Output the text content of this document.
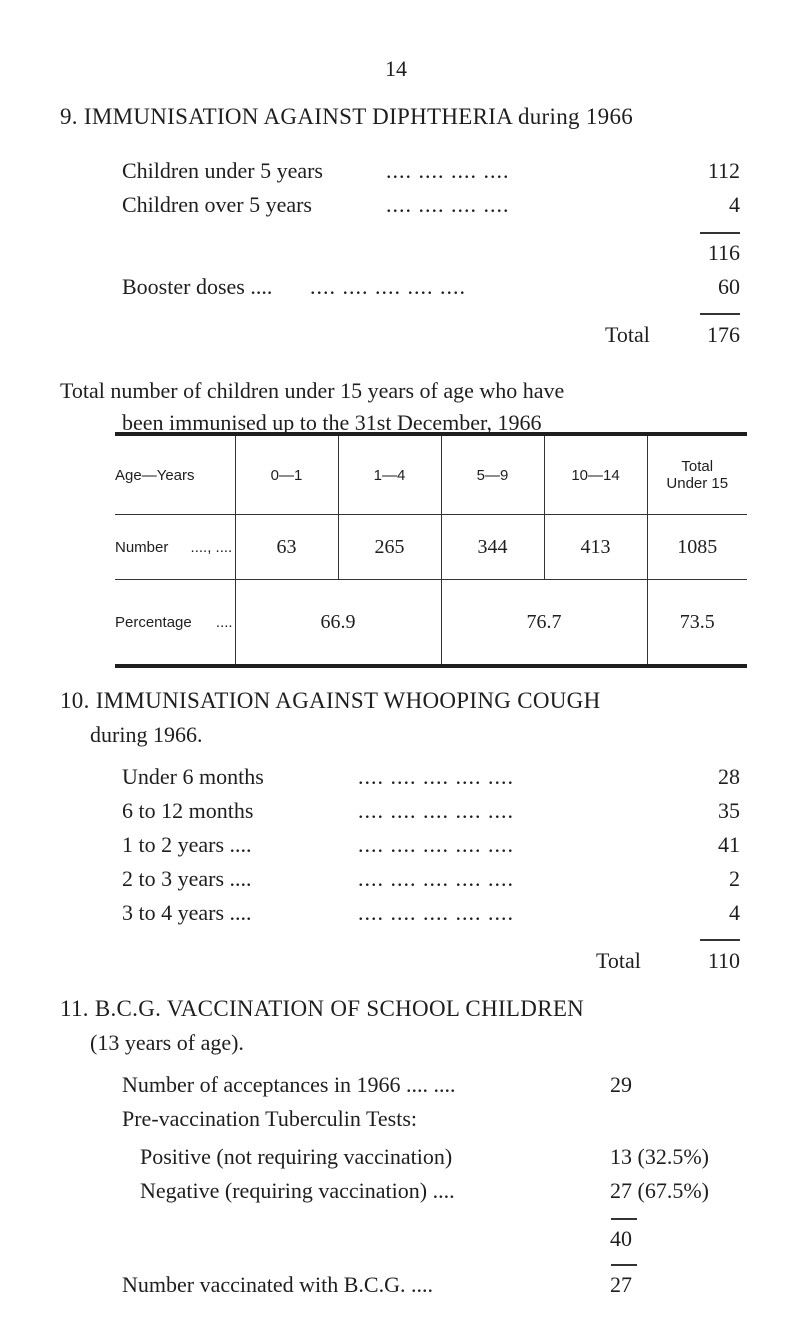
14
9. IMMUNISATION AGAINST DIPHTHERIA during 1966
Children under 5 years	.... .... .... ....	112
Children over 5 years	.... .... .... ....	4
116
Booster doses .... .... .... .... .... ....	60
Total	176
Total number of children under 15 years of age who have
been immunised up to the 31st December, 1966
Age—Years	0—1	1—4	5—9	10—14	Total
Under 15
Number ...., ....	63	265	344	413	1085
Percentage ....	66.9		76.7		73.5
10. IMMUNISATION AGAINST WHOOPING COUGH
during 1966.
Under 6 months	.... .... .... .... ....	28
6 to 12 months	.... .... .... .... ....	35
1 to 2 years ....	.... .... .... .... ....	41
2 to 3 years ....	.... .... .... .... ....	2
3 to 4 years ....	.... .... .... .... ....	4
Total	110
11. B.C.G. VACCINATION OF SCHOOL CHILDREN
(13 years of age).
Number of acceptances in 1966 .... ....	29
Pre-vaccination Tuberculin Tests:
Positive (not requiring vaccination)	13 (32.5%)
Negative (requiring vaccination) ....	27 (67.5%)
40
Number vaccinated with B.C.G. ....	27
